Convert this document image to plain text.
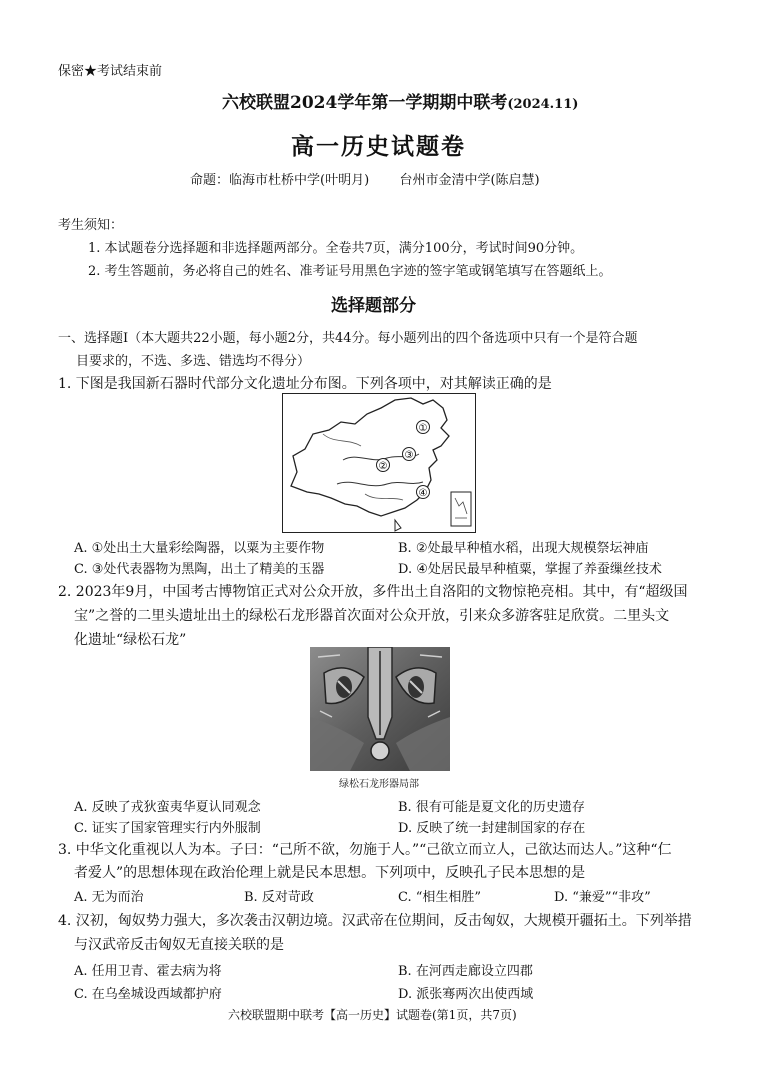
保密★考试结束前
六校联盟2024学年第一学期期中联考(2024.11)
高一历史试题卷
命题：临海市杜桥中学(叶明月) 台州市金清中学(陈启慧)
考生须知：
1. 本试题卷分选择题和非选择题两部分。全卷共7页，满分100分，考试时间90分钟。
2. 考生答题前，务必将自己的姓名、准考证号用黑色字迹的签字笔或钢笔填写在答题纸上。
选择题部分
一、选择题Ⅰ（本大题共22小题，每小题2分，共44分。每小题列出的四个备选项中只有一个是符合题
目要求的，不选、多选、错选均不得分）
1. 下图是我国新石器时代部分文化遗址分布图。下列各项中，对其解读正确的是
①
②
③
④
A. ①处出土大量彩绘陶器，以粟为主要作物	B. ②处最早种植水稻，出现大规模祭坛神庙
C. ③处代表器物为黑陶，出土了精美的玉器	D. ④处居民最早种植粟，掌握了养蚕缫丝技术
2. 2023年9月，中国考古博物馆正式对公众开放，多件出土自洛阳的文物惊艳亮相。其中，有“超级国
宝”之誉的二里头遗址出土的绿松石龙形器首次面对公众开放，引来众多游客驻足欣赏。二里头文
化遗址“绿松石龙”
绿松石龙形器局部
A. 反映了戎狄蛮夷华夏认同观念	B. 很有可能是夏文化的历史遗存
C. 证实了国家管理实行内外服制	D. 反映了统一封建制国家的存在
3. 中华文化重视以人为本。子曰：“己所不欲，勿施于人。”“己欲立而立人，己欲达而达人。”这种“仁
者爱人”的思想体现在政治伦理上就是民本思想。下列项中，反映孔子民本思想的是
A. 无为而治	B. 反对苛政	C. “相生相胜”	D. “兼爱”“非攻”
4. 汉初，匈奴势力强大，多次袭击汉朝边境。汉武帝在位期间，反击匈奴，大规模开疆拓土。下列举措
与汉武帝反击匈奴无直接关联的是
A. 任用卫青、霍去病为将	B. 在河西走廊设立四郡
C. 在乌垒城设西域都护府	D. 派张骞两次出使西域
六校联盟期中联考【高一历史】试题卷(第1页，共7页)
